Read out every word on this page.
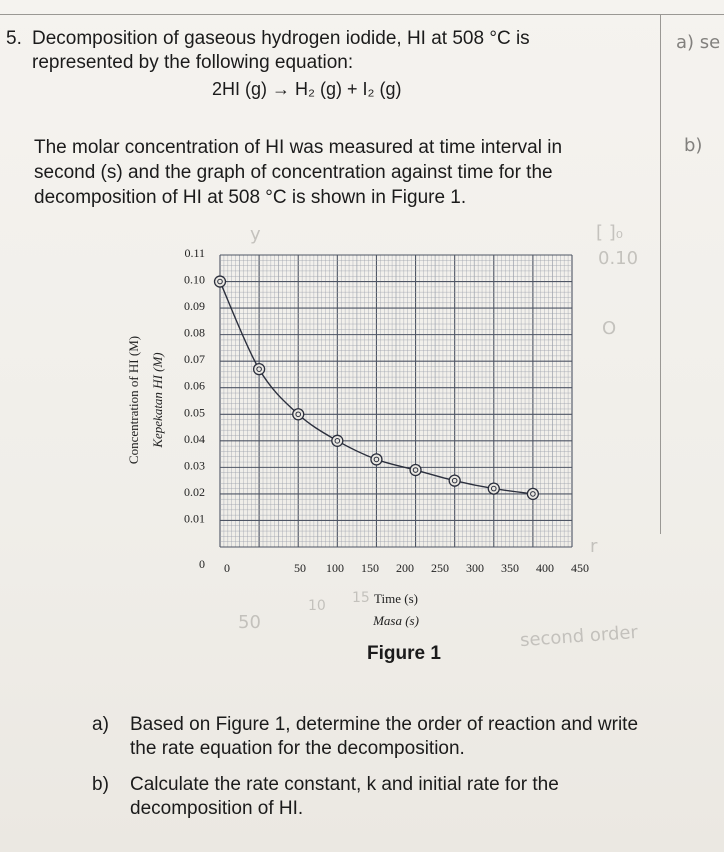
5. Decomposition of gaseous hydrogen iodide, HI at 508 °C is
represented by the following equation:
2HI (g) → H₂ (g) + I₂ (g)
The molar concentration of HI was measured at time interval in
second (s) and the graph of concentration against time for the
decomposition of HI at 508 °C is shown in Figure 1.
a) se
b)
[ ]₀
0.10
O
r
y
50
10 15
second order
0	50 100 150 200 250 300 350 400 450
0
0.01
0.02
0.03
0.04
0.05
0.06
0.07
0.08
0.09
0.10
0.11
Concentration of HI (M) Kepekatan HI (M)
Time (s)
Masa (s)
Figure 1
a) Based on Figure 1, determine the order of reaction and write
the rate equation for the decomposition.
b) Calculate the rate constant, k and initial rate for the
decomposition of HI.
